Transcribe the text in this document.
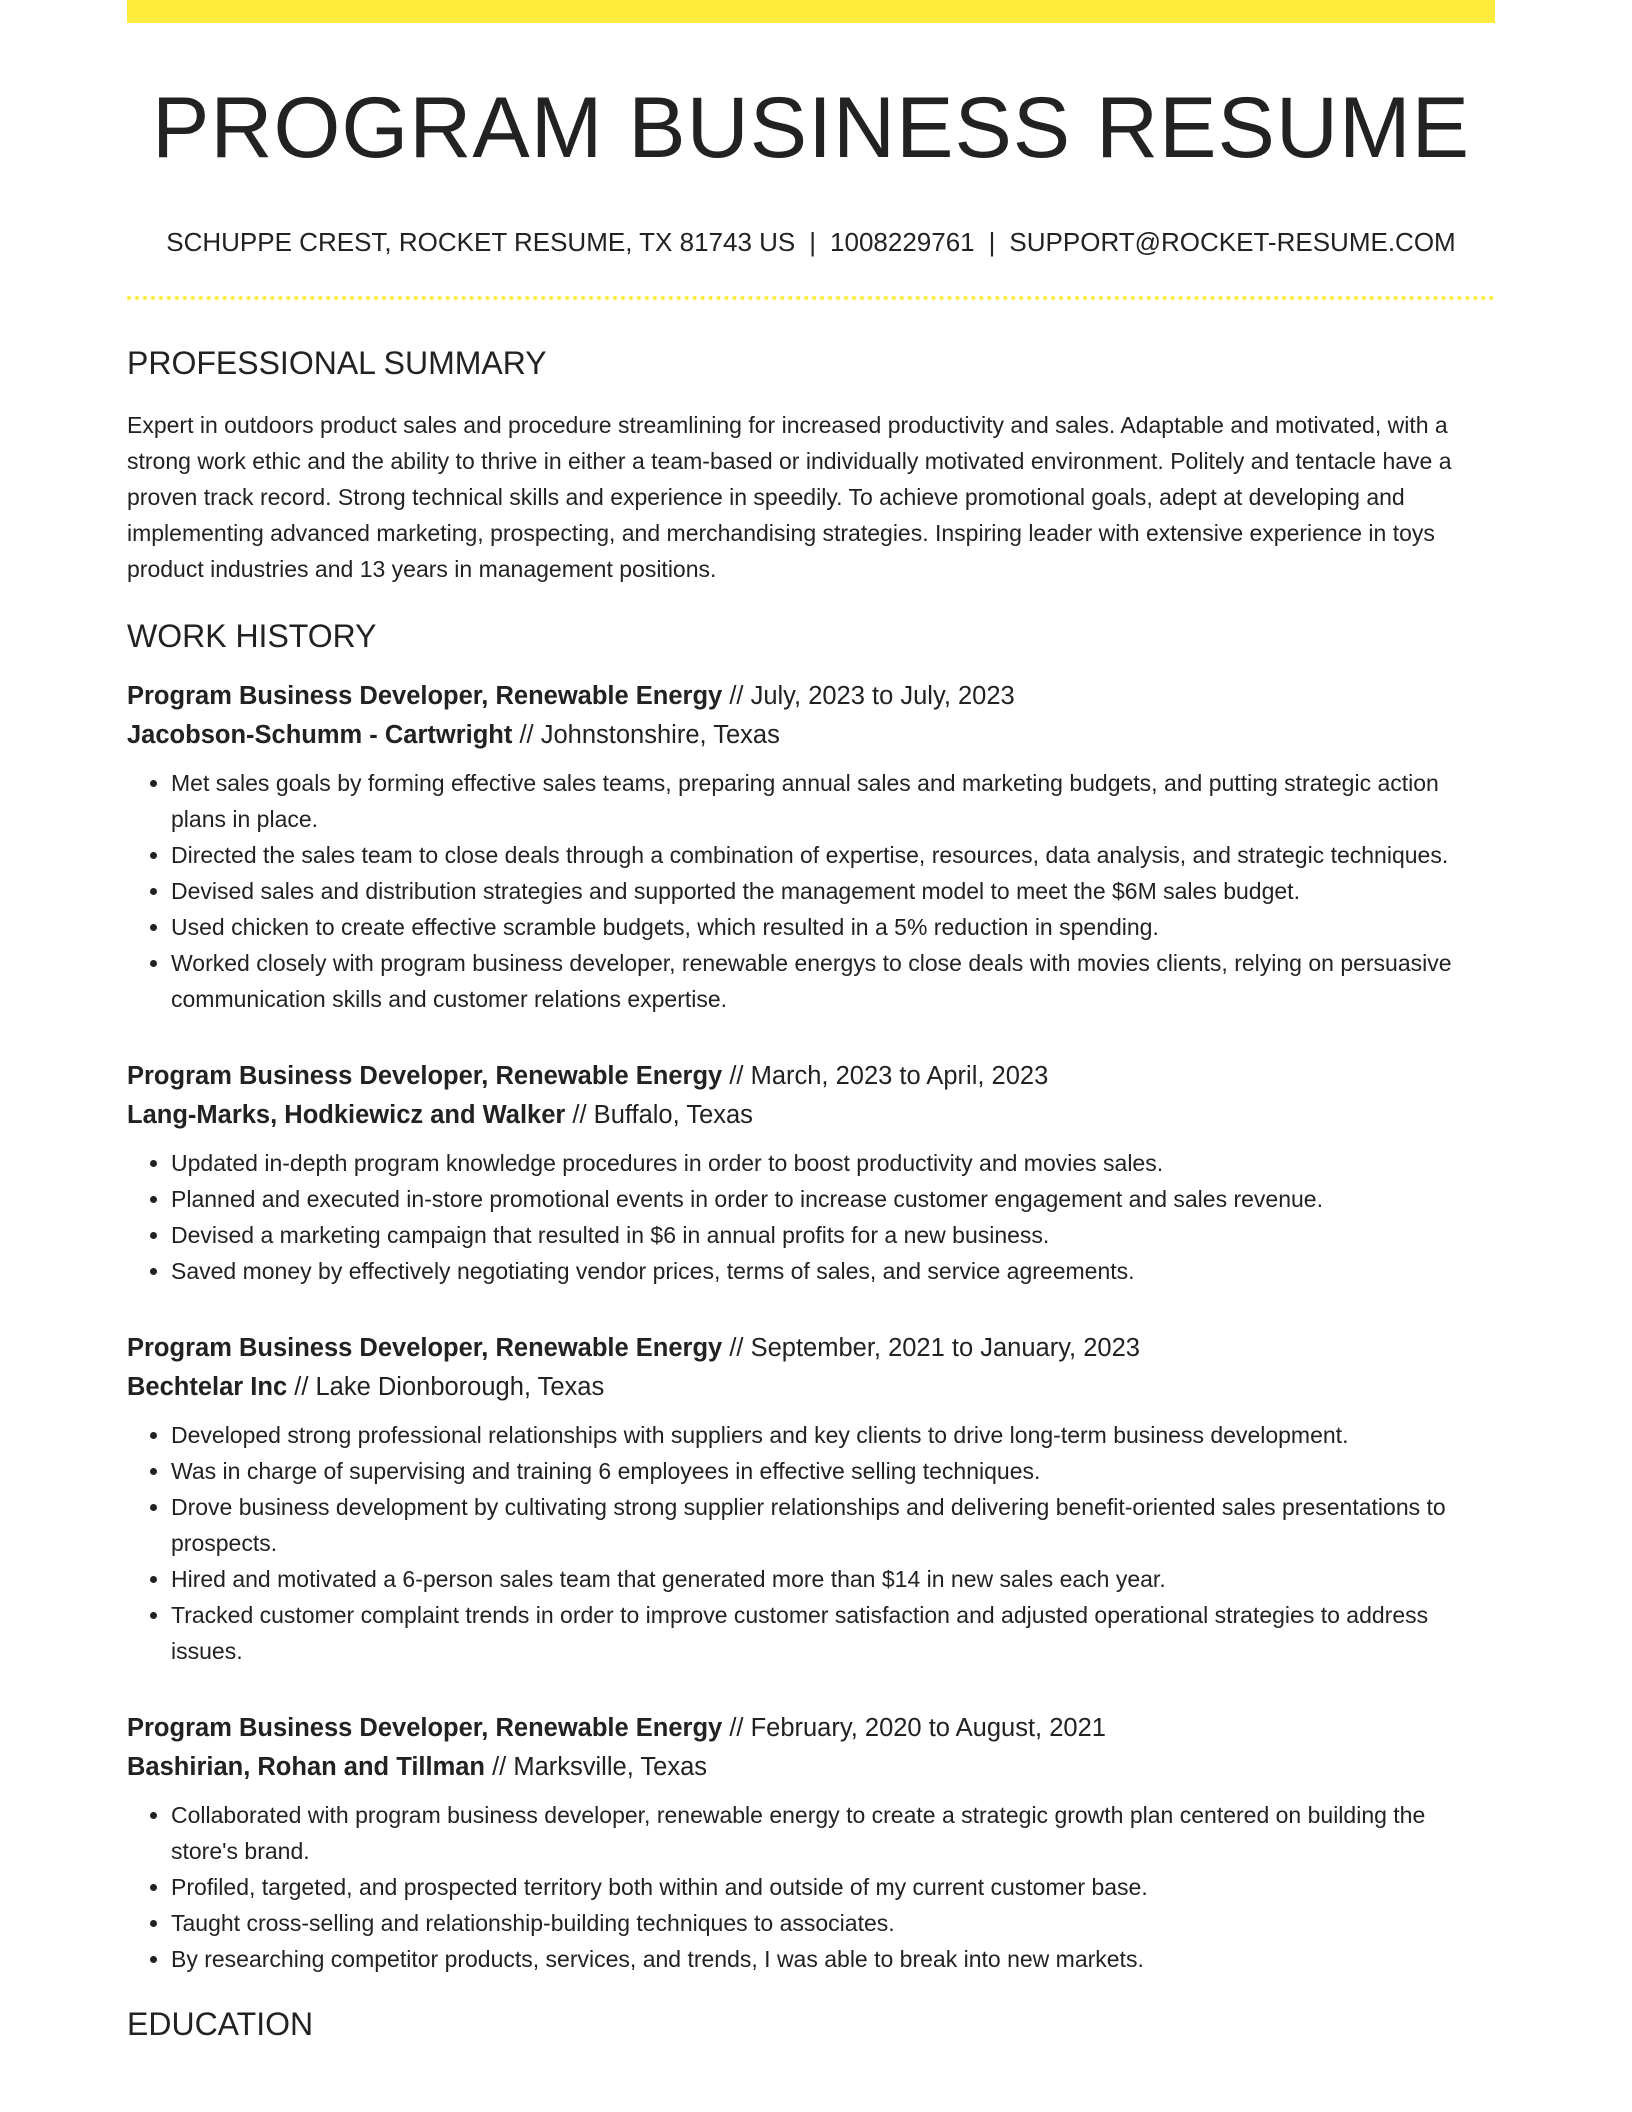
PROGRAM BUSINESS RESUME
SCHUPPE CREST, ROCKET RESUME, TX 81743 US | 1008229761 | SUPPORT@ROCKET-RESUME.COM
PROFESSIONAL SUMMARY

Expert in outdoors product sales and procedure streamlining for increased productivity and sales. Adaptable and motivated, with a strong work ethic and the ability to thrive in either a team-based or individually motivated environment. Politely and tentacle have a proven track record. Strong technical skills and experience in speedily. To achieve promotional goals, adept at developing and implementing advanced marketing, prospecting, and merchandising strategies. Inspiring leader with extensive experience in toys product industries and 13 years in management positions.

WORK HISTORY
Program Business Developer, Renewable Energy // July, 2023 to July, 2023
Jacobson-Schumm - Cartwright // Johnstonshire, Texas
• Met sales goals by forming effective sales teams, preparing annual sales and marketing budgets, and putting strategic action plans in place.
• Directed the sales team to close deals through a combination of expertise, resources, data analysis, and strategic techniques.
• Devised sales and distribution strategies and supported the management model to meet the $6M sales budget.
• Used chicken to create effective scramble budgets, which resulted in a 5% reduction in spending.
• Worked closely with program business developer, renewable energys to close deals with movies clients, relying on persuasive communication skills and customer relations expertise.
Program Business Developer, Renewable Energy // March, 2023 to April, 2023
Lang-Marks, Hodkiewicz and Walker // Buffalo, Texas
• Updated in-depth program knowledge procedures in order to boost productivity and movies sales.
• Planned and executed in-store promotional events in order to increase customer engagement and sales revenue.
• Devised a marketing campaign that resulted in $6 in annual profits for a new business.
• Saved money by effectively negotiating vendor prices, terms of sales, and service agreements.
Program Business Developer, Renewable Energy // September, 2021 to January, 2023
Bechtelar Inc // Lake Dionborough, Texas
• Developed strong professional relationships with suppliers and key clients to drive long-term business development.
• Was in charge of supervising and training 6 employees in effective selling techniques.
• Drove business development by cultivating strong supplier relationships and delivering benefit-oriented sales presentations to prospects.
• Hired and motivated a 6-person sales team that generated more than $14 in new sales each year.
• Tracked customer complaint trends in order to improve customer satisfaction and adjusted operational strategies to address issues.
Program Business Developer, Renewable Energy // February, 2020 to August, 2021
Bashirian, Rohan and Tillman // Marksville, Texas
• Collaborated with program business developer, renewable energy to create a strategic growth plan centered on building the store's brand.
• Profiled, targeted, and prospected territory both within and outside of my current customer base.
• Taught cross-selling and relationship-building techniques to associates.
• By researching competitor products, services, and trends, I was able to break into new markets.
EDUCATION
